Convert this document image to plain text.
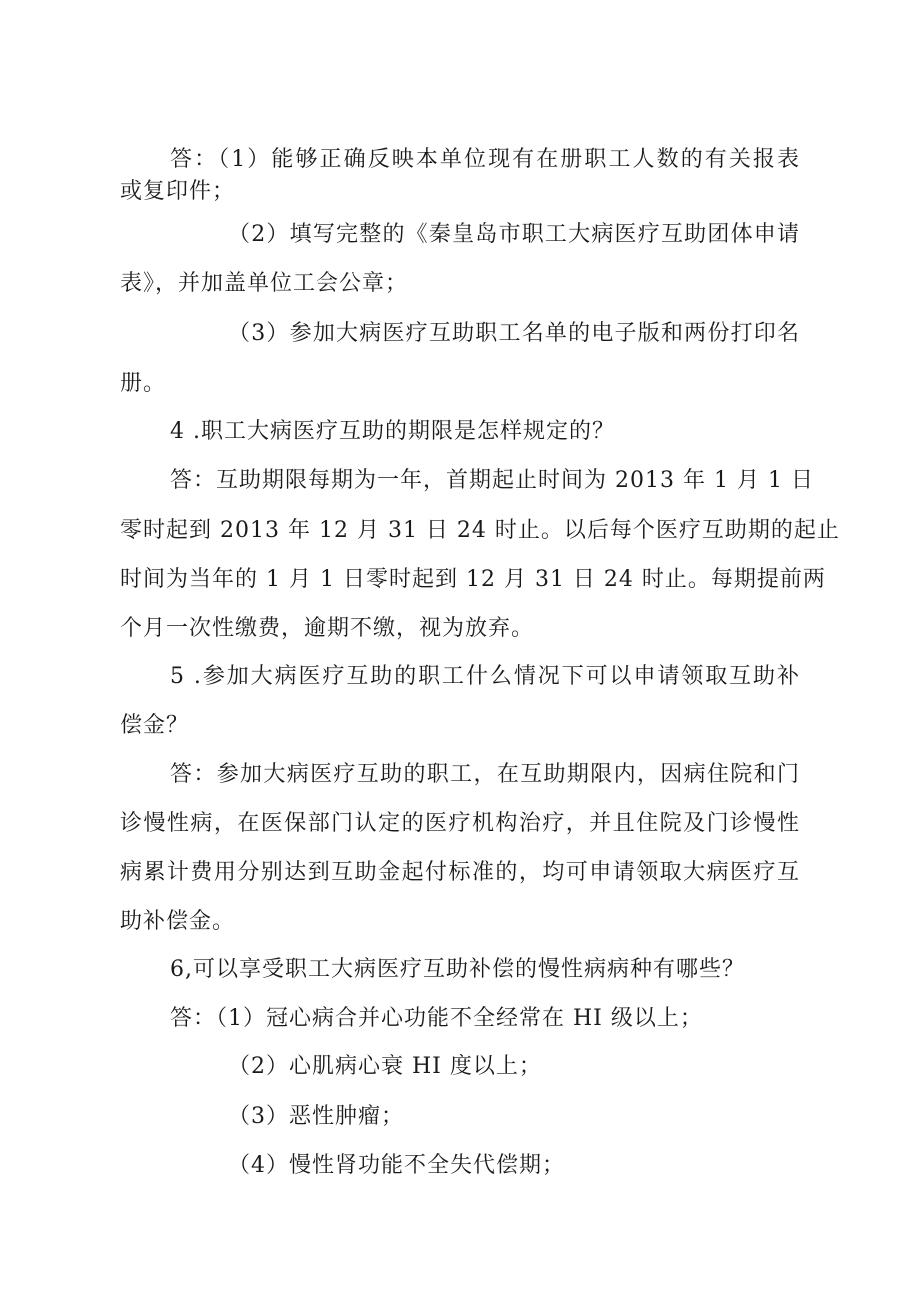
答：（1）能够正确反映本单位现有在册职工人数的有关报表
或复印件；
（2）填写完整的《秦皇岛市职工大病医疗互助团体申请
表》，并加盖单位工会公章；
（3）参加大病医疗互助职工名单的电子版和两份打印名
册。
4 .职工大病医疗互助的期限是怎样规定的？
答：互助期限每期为一年，首期起止时间为 2013 年 1 月 1 日
零时起到 2013 年 12 月 31 日 24 时止。以后每个医疗互助期的起止
时间为当年的 1 月 1 日零时起到 12 月 31 日 24 时止。每期提前两
个月一次性缴费，逾期不缴，视为放弃。
5 .参加大病医疗互助的职工什么情况下可以申请领取互助补
偿金？
答：参加大病医疗互助的职工，在互助期限内，因病住院和门
诊慢性病，在医保部门认定的医疗机构治疗，并且住院及门诊慢性
病累计费用分别达到互助金起付标准的，均可申请领取大病医疗互
助补偿金。
6,可以享受职工大病医疗互助补偿的慢性病病种有哪些？
答：（1）冠心病合并心功能不全经常在 HI 级以上；
（2）心肌病心衰 HI 度以上；
（3）恶性肿瘤；
（4）慢性肾功能不全失代偿期；
